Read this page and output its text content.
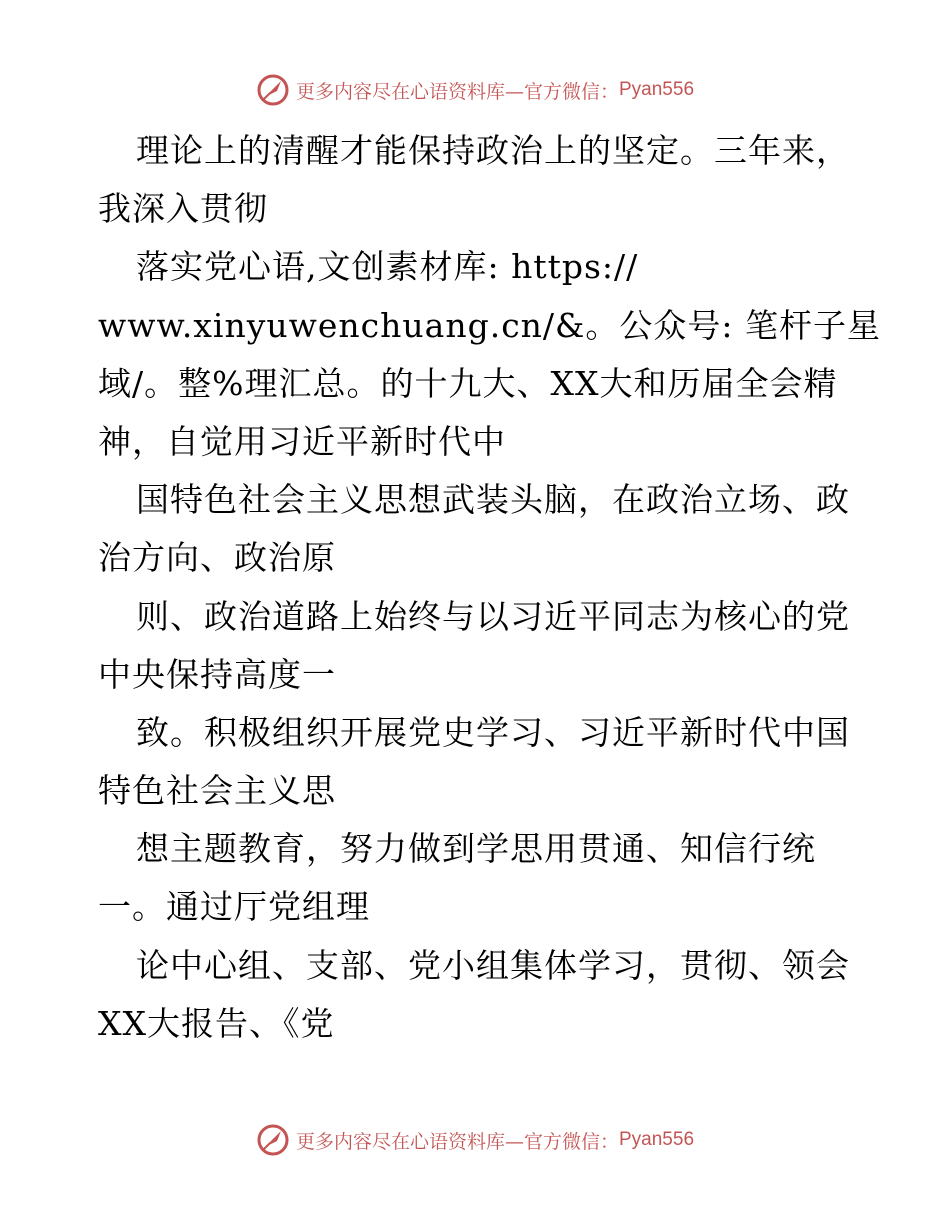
更多内容尽在心语资料库—官方微信： Pyan556
理论上的清醒才能保持政治上的坚定。三年来，
我深入贯彻
落实党心语,文创素材库: https://
www.xinyuwenchuang.cn/&。公众号: 笔杆子星
域/。整%理汇总。的十九大、XX大和历届全会精
神，自觉用习近平新时代中
国特色社会主义思想武装头脑，在政治立场、政
治方向、政治原
则、政治道路上始终与以习近平同志为核心的党
中央保持高度一
致。积极组织开展党史学习、习近平新时代中国
特色社会主义思
想主题教育，努力做到学思用贯通、知信行统
一。通过厅党组理
论中心组、支部、党小组集体学习，贯彻、领会
XX大报告、《党
更多内容尽在心语资料库—官方微信： Pyan556
